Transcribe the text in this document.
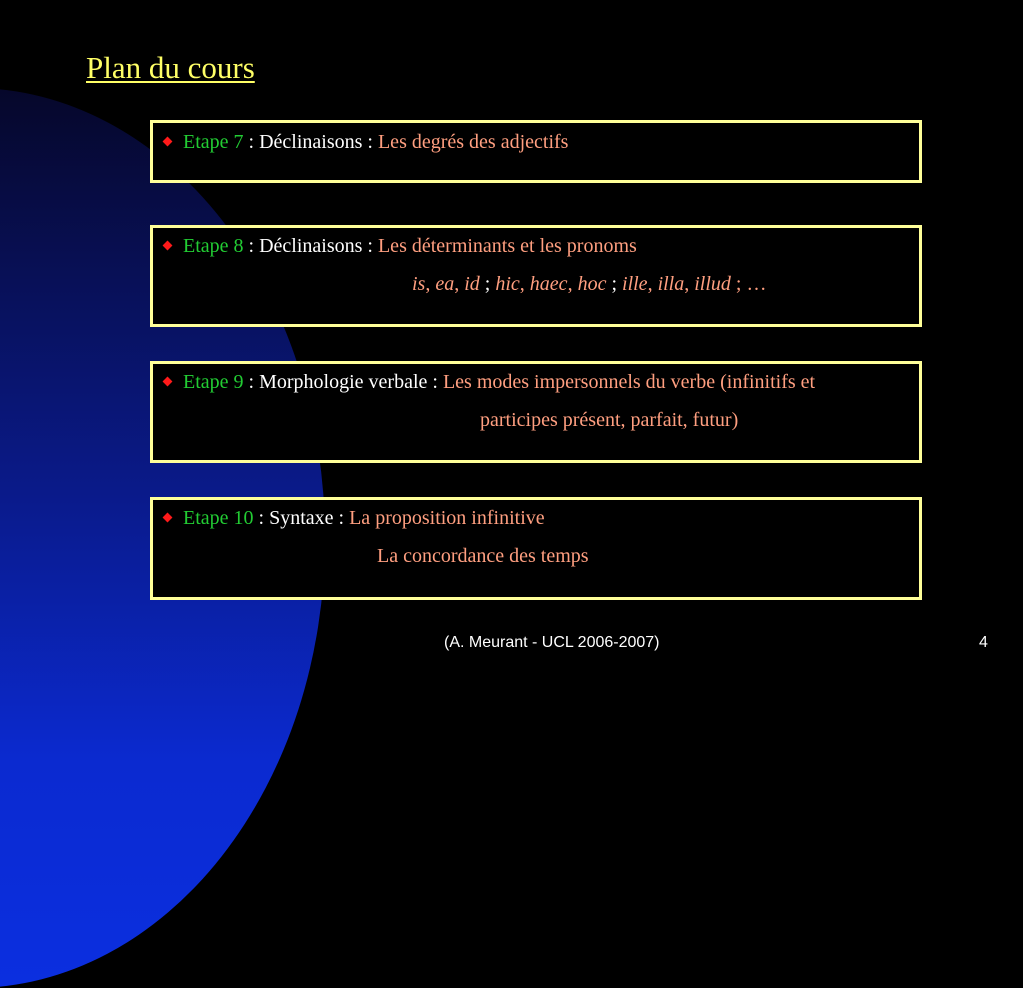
Plan du cours
Etape 7 : Déclinaisons : Les degrés des adjectifs
Etape 8 : Déclinaisons : Les déterminants et les pronoms
is, ea, id ; hic, haec, hoc ; ille, illa, illud ; …
Etape 9 : Morphologie verbale : Les modes impersonnels du verbe (infinitifs et
participes présent, parfait, futur)
Etape 10 : Syntaxe : La proposition infinitive
La concordance des temps
(A. Meurant - UCL 2006-2007)	4
